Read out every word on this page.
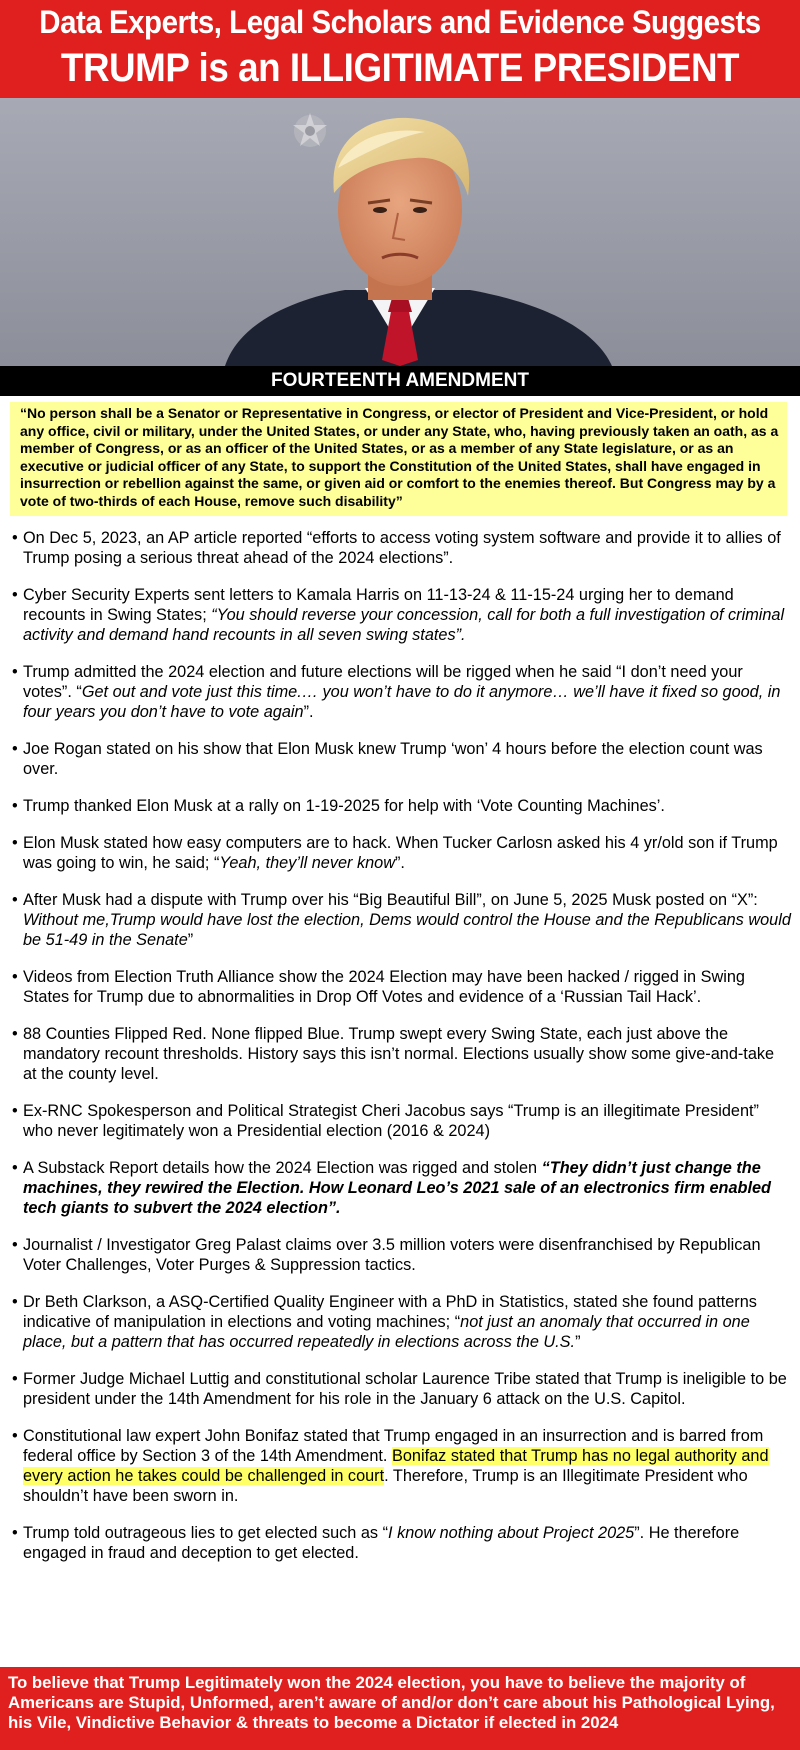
Data Experts, Legal Scholars and Evidence Suggests
TRUMP is an ILLIGITIMATE PRESIDENT
FOURTEENTH AMENDMENT
“No person shall be a Senator or Representative in Congress, or elector of President and Vice-President, or hold any office, civil or military, under the United States, or under any State, who, having previously taken an oath, as a member of Congress, or as an officer of the United States, or as a member of any State legislature, or as an executive or judicial officer of any State, to support the Constitution of the United States, shall have engaged in insurrection or rebellion against the same, or given aid or comfort to the enemies thereof. But Congress may by a vote of two-thirds of each House, remove such disability”
• On Dec 5, 2023, an AP article reported “efforts to access voting system software and provide it to allies of Trump posing a serious threat ahead of the 2024 elections”.
• Cyber Security Experts sent letters to Kamala Harris on 11-13-24 & 11-15-24 urging her to demand recounts in Swing States; “You should reverse your concession, call for both a full investigation of criminal activity and demand hand recounts in all seven swing states”.
• Trump admitted the 2024 election and future elections will be rigged when he said “I don’t need your votes”. “Get out and vote just this time.… you won’t have to do it anymore… we’ll have it fixed so good, in four years you don’t have to vote again”.
• Joe Rogan stated on his show that Elon Musk knew Trump ‘won’ 4 hours before the election count was over.
• Trump thanked Elon Musk at a rally on 1-19-2025 for help with ‘Vote Counting Machines’.
• Elon Musk stated how easy computers are to hack. When Tucker Carlosn asked his 4 yr/old son if Trump was going to win, he said; “Yeah, they’ll never know”.
• After Musk had a dispute with Trump over his “Big Beautiful Bill”, on June 5, 2025 Musk posted on “X”: Without me,Trump would have lost the election, Dems would control the House and the Republicans would be 51-49 in the Senate”
• Videos from Election Truth Alliance show the 2024 Election may have been hacked / rigged in Swing States for Trump due to abnormalities in Drop Off Votes and evidence of a ‘Russian Tail Hack’.
• 88 Counties Flipped Red. None flipped Blue. Trump swept every Swing State, each just above the mandatory recount thresholds. History says this isn’t normal. Elections usually show some give-and-take at the county level.
• Ex-RNC Spokesperson and Political Strategist Cheri Jacobus says “Trump is an illegitimate President” who never legitimately won a Presidential election (2016 & 2024)
• A Substack Report details how the 2024 Election was rigged and stolen “They didn’t just change the machines, they rewired the Election. How Leonard Leo’s 2021 sale of an electronics firm enabled tech giants to subvert the 2024 election”.
• Journalist / Investigator Greg Palast claims over 3.5 million voters were disenfranchised by Republican Voter Challenges, Voter Purges & Suppression tactics.
• Dr Beth Clarkson, a ASQ-Certified Quality Engineer with a PhD in Statistics, stated she found patterns indicative of manipulation in elections and voting machines; “not just an anomaly that occurred in one place, but a pattern that has occurred repeatedly in elections across the U.S.”
• Former Judge Michael Luttig and constitutional scholar Laurence Tribe stated that Trump is ineligible to be president under the 14th Amendment for his role in the January 6 attack on the U.S. Capitol.
• Constitutional law expert John Bonifaz stated that Trump engaged in an insurrection and is barred from federal office by Section 3 of the 14th Amendment. Bonifaz stated that Trump has no legal authority and every action he takes could be challenged in court. Therefore, Trump is an Illegitimate President who shouldn’t have been sworn in.
• Trump told outrageous lies to get elected such as “I know nothing about Project 2025”. He therefore engaged in fraud and deception to get elected.
To believe that Trump Legitimately won the 2024 election, you have to believe the majority of Americans are Stupid, Unformed, aren’t aware of and/or don’t care about his Pathological Lying, his Vile, Vindictive Behavior & threats to become a Dictator if elected in 2024
